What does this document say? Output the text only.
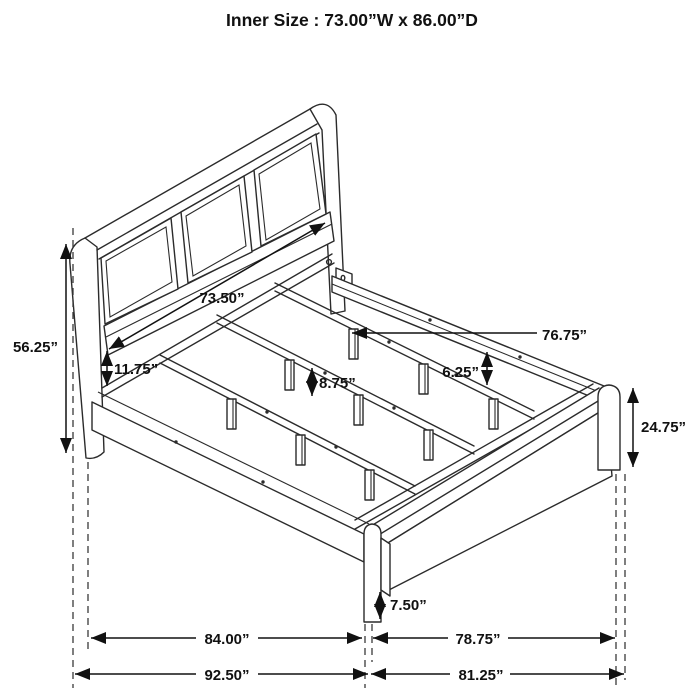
73.50”
56.25”
11.75”
8.75”
76.75”
6.25”
24.75”
7.50”
84.00”	78.75”
92.50”	81.25”
Inner Size : 73.00”W x 86.00”D
